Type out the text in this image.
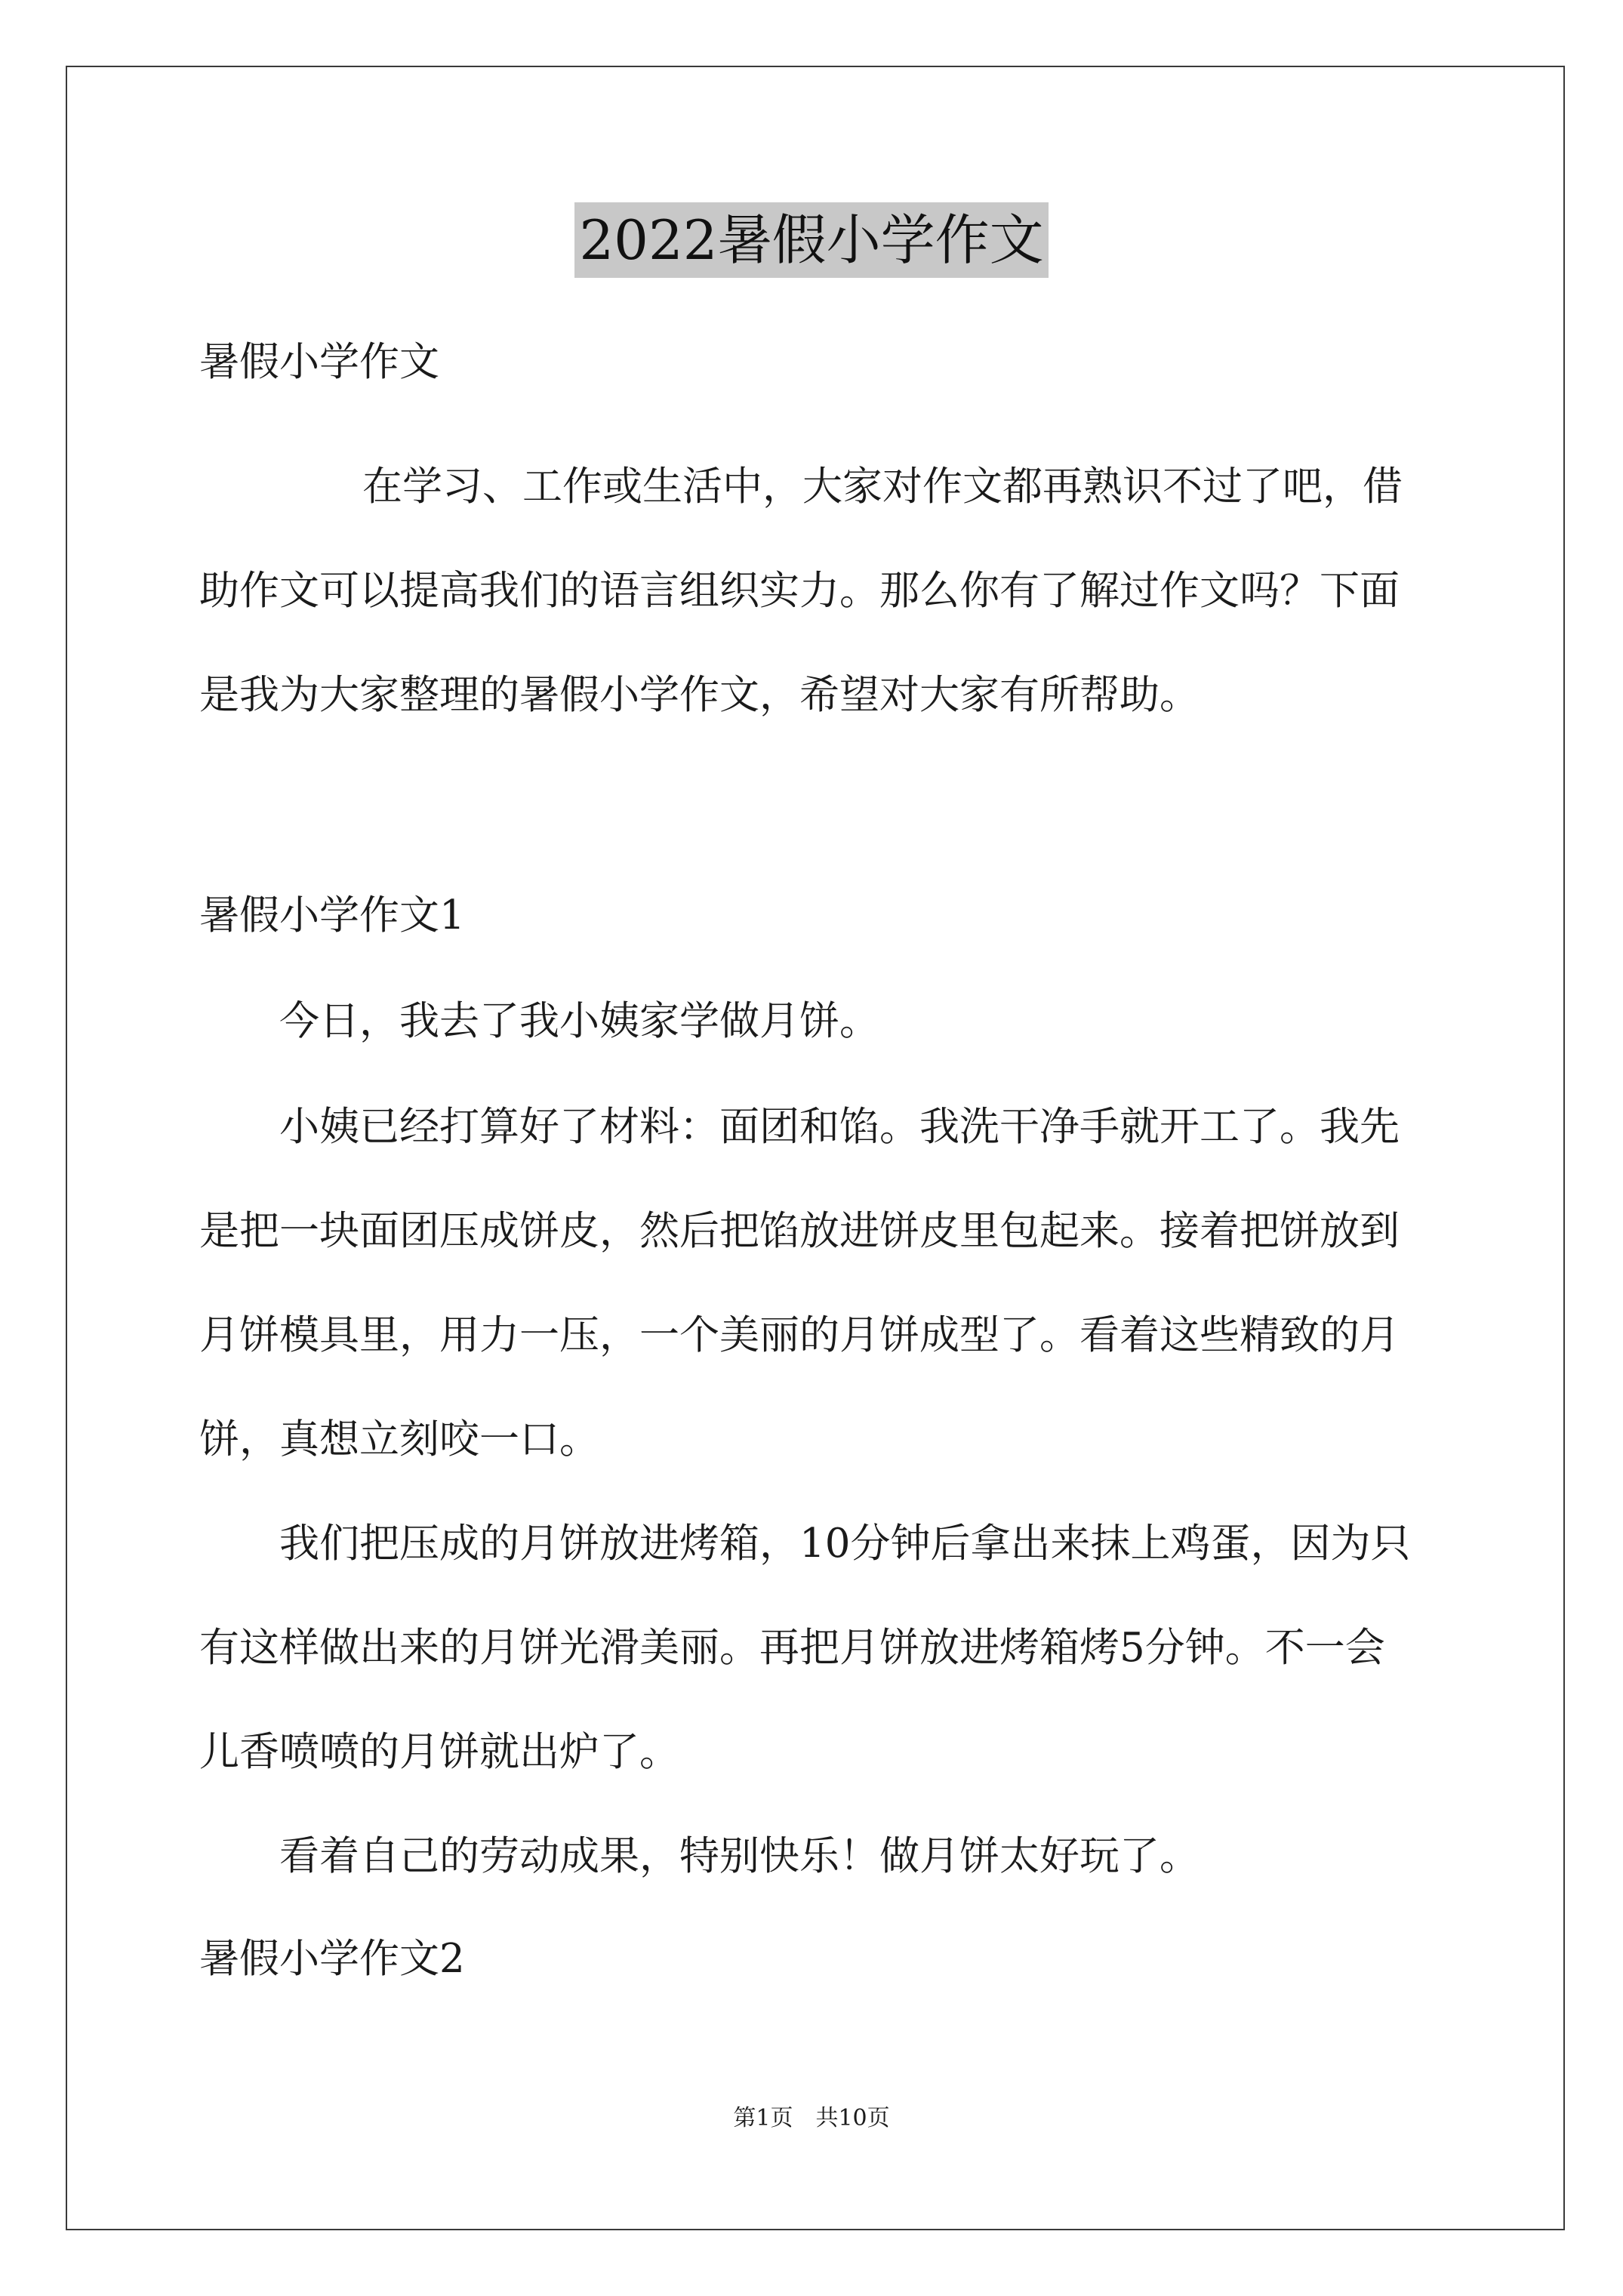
2022暑假小学作文
暑假小学作文
在学习、工作或生活中，大家对作文都再熟识不过了吧，借
助作文可以提高我们的语言组织实力。那么你有了解过作文吗？下面
是我为大家整理的暑假小学作文，希望对大家有所帮助。
暑假小学作文1
今日，我去了我小姨家学做月饼。
小姨已经打算好了材料：面团和馅。我洗干净手就开工了。我先
是把一块面团压成饼皮，然后把馅放进饼皮里包起来。接着把饼放到
月饼模具里，用力一压，一个美丽的月饼成型了。看着这些精致的月
饼，真想立刻咬一口。
我们把压成的月饼放进烤箱，10分钟后拿出来抹上鸡蛋，因为只
有这样做出来的月饼光滑美丽。再把月饼放进烤箱烤5分钟。不一会
儿香喷喷的月饼就出炉了。
看着自己的劳动成果，特别快乐！做月饼太好玩了。
暑假小学作文2
第1页　共10页
